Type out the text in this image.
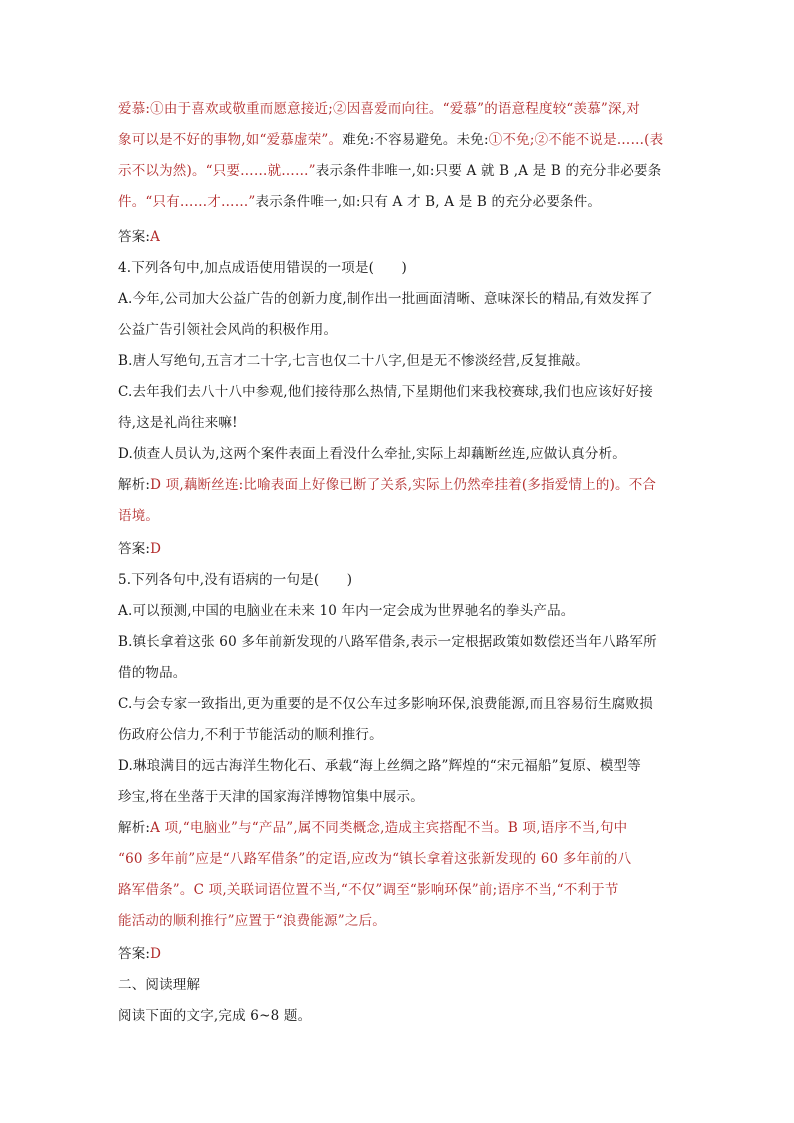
爱慕:①由于喜欢或敬重而愿意接近;②因喜爱而向往。“爱慕”的语意程度较“羡慕”深,对
象可以是不好的事物,如“爱慕虚荣”。难免:不容易避免。未免:①不免;②不能不说是……(表
示不以为然)。“只要……就……”表示条件非唯一,如:只要 A 就 B ,A 是 B 的充分非必要条
件。“只有……才……”表示条件唯一,如:只有 A 才 B, A 是 B 的充分必要条件。
答案:A
4.下列各句中,加点成语使用错误的一项是(　　)
A.今年,公司加大公益广告的创新力度,制作出一批画面清晰、意味深长的精品,有效发挥了
公益广告引领社会风尚的积极作用。
B.唐人写绝句,五言才二十字,七言也仅二十八字,但是无不惨淡经营,反复推敲。
C.去年我们去八十八中参观,他们接待那么热情,下星期他们来我校赛球,我们也应该好好接
待,这是礼尚往来嘛!
D.侦查人员认为,这两个案件表面上看没什么牵扯,实际上却藕断丝连,应做认真分析。
解析:D 项,藕断丝连:比喻表面上好像已断了关系,实际上仍然牵挂着(多指爱情上的)。不合
语境。
答案:D
5.下列各句中,没有语病的一句是(　　)
A.可以预测,中国的电脑业在未来 10 年内一定会成为世界驰名的拳头产品。
B.镇长拿着这张 60 多年前新发现的八路军借条,表示一定根据政策如数偿还当年八路军所
借的物品。
C.与会专家一致指出,更为重要的是不仅公车过多影响环保,浪费能源,而且容易衍生腐败损
伤政府公信力,不利于节能活动的顺利推行。
D.琳琅满目的远古海洋生物化石、承载“海上丝绸之路”辉煌的“宋元福船”复原、模型等
珍宝,将在坐落于天津的国家海洋博物馆集中展示。
解析:A 项,“电脑业”与“产品”,属不同类概念,造成主宾搭配不当。B 项,语序不当,句中
“60 多年前”应是“八路军借条”的定语,应改为“镇长拿着这张新发现的 60 多年前的八
路军借条”。C 项,关联词语位置不当,“不仅”调至“影响环保”前;语序不当,“不利于节
能活动的顺利推行”应置于“浪费能源”之后。
答案:D
二、阅读理解
阅读下面的文字,完成 6~8 题。
